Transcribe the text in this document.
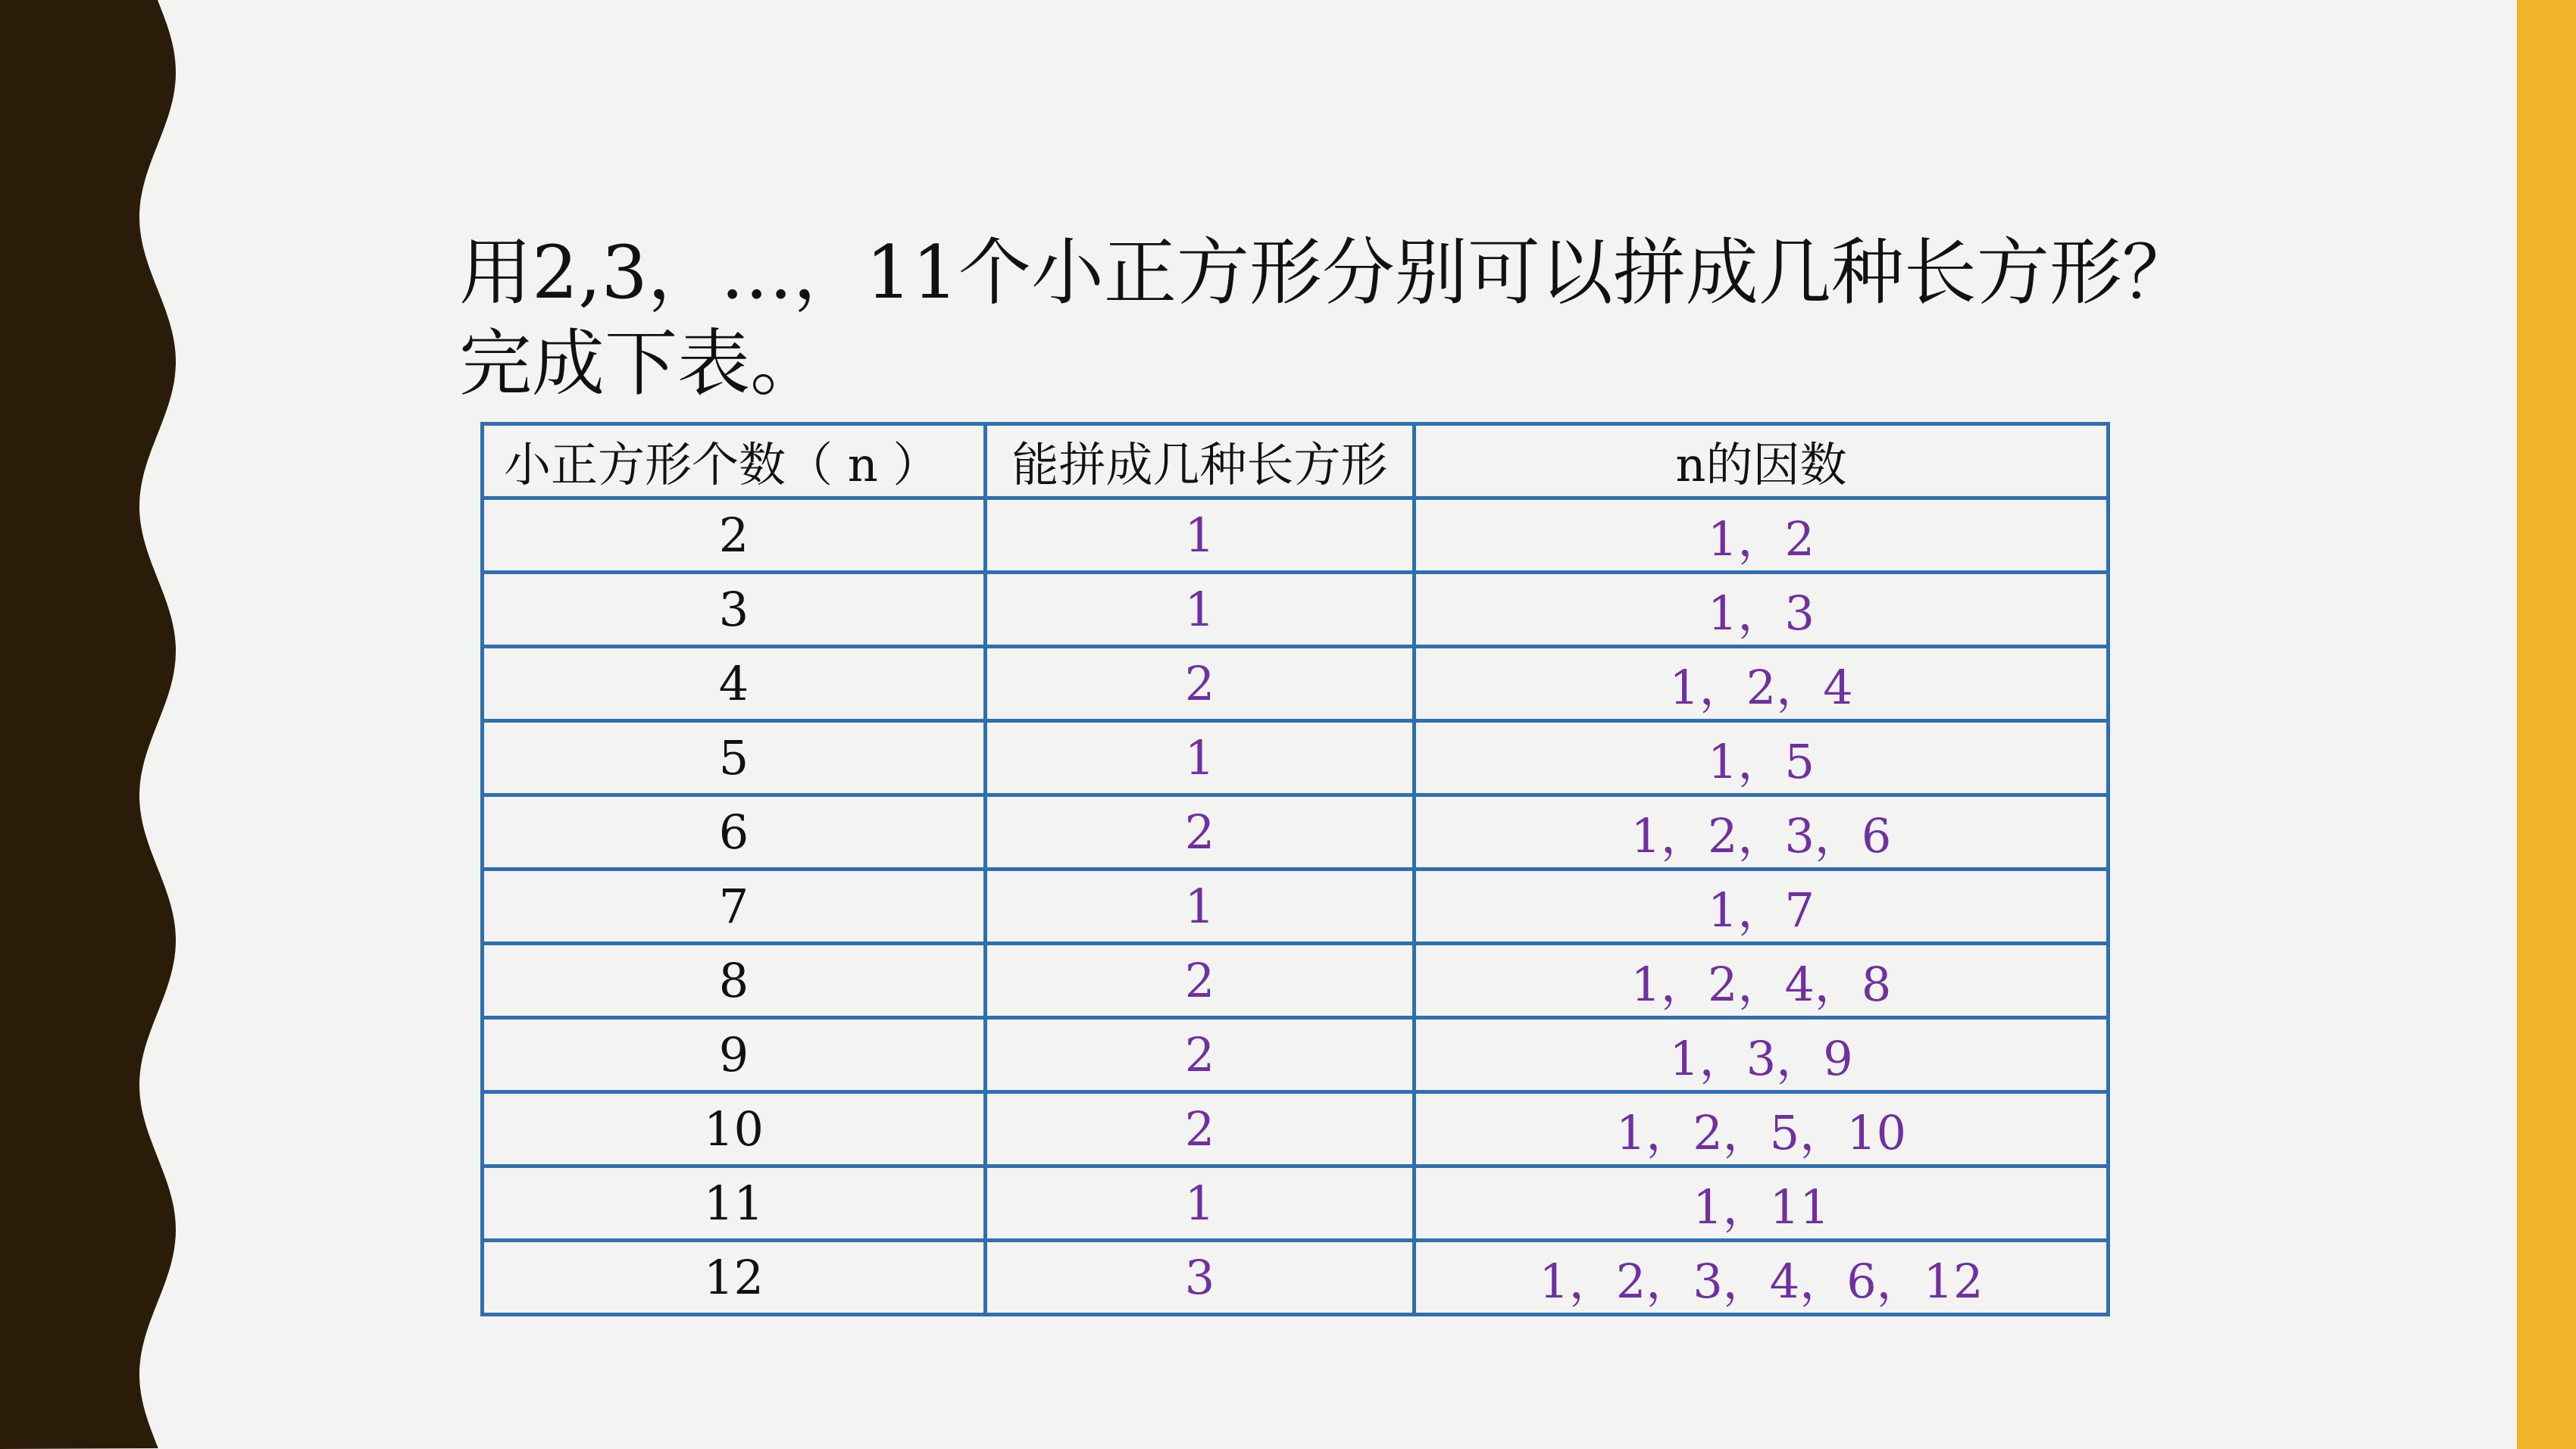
用2,3，…，11个小正方形分别可以拼成几种长方形？
完成下表。
小正方形个数（ n ）	能拼成几种长方形	n的因数
2	1	1，2
3	1	1，3
4	2	1，2，4
5	1	1，5
6	2	1，2，3，6
7	1	1，7
8	2	1，2，4，8
9	2	1，3，9
10	2	1，2，5，10
11	1	1，11
12	3	1，2，3，4，6，12
